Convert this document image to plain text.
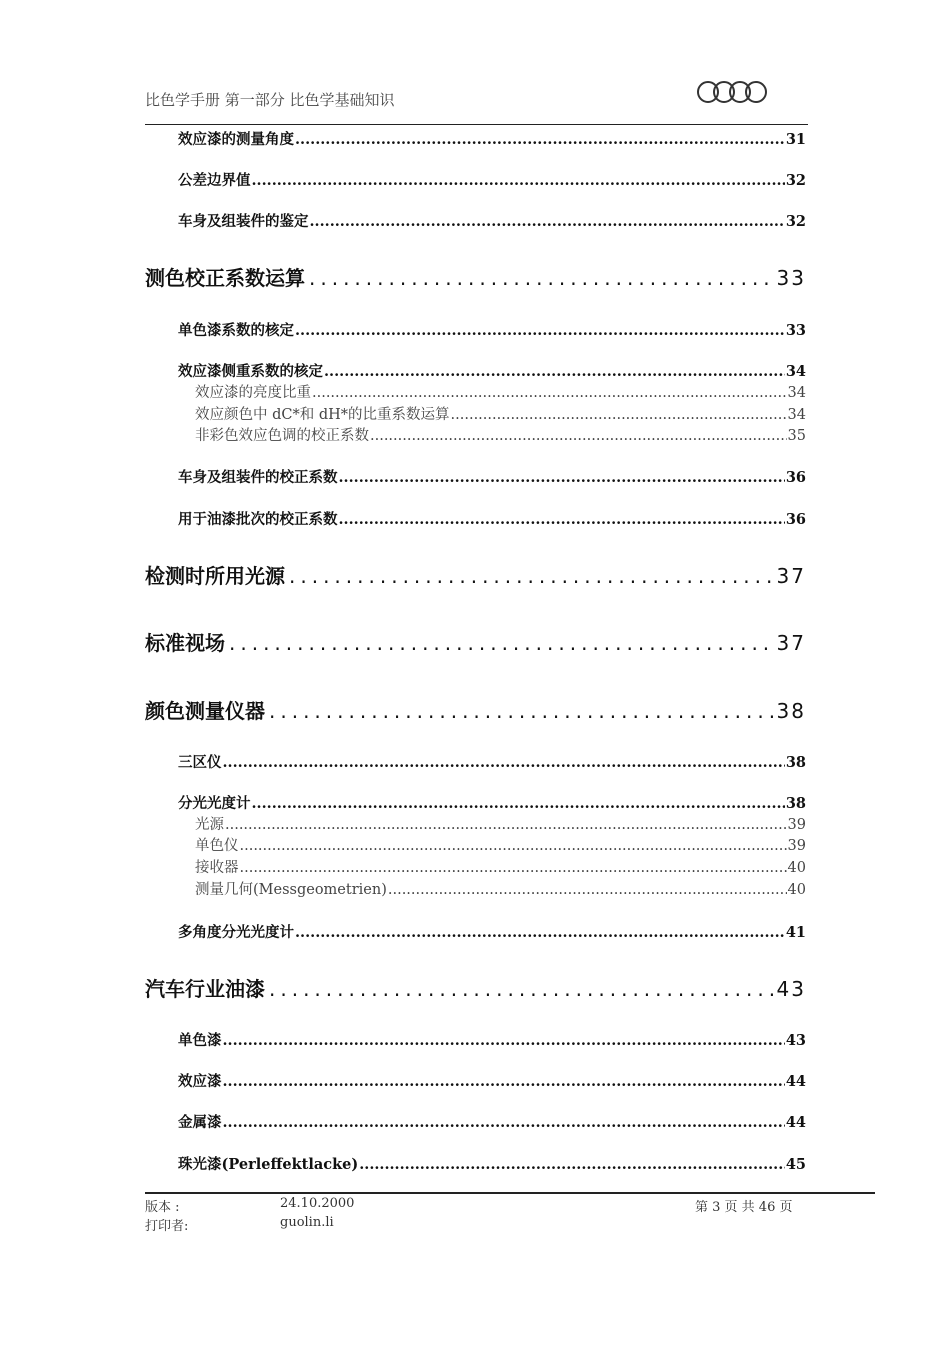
比色学手册 第一部分 比色学基础知识
效应漆的测量角度 .....	31
公差边界值 .....	32
车身及组装件的鉴定 .....	32
测色校正系数运算 .....	33
单色漆系数的核定 .....	33
效应漆侧重系数的核定 .....	34
效应漆的亮度比重 .....	34
效应颜色中 dC*和 dH*的比重系数运算 .....	34
非彩色效应色调的校正系数 .....	35
车身及组装件的校正系数 .....	36
用于油漆批次的校正系数 .....	36
检测时所用光源 .....	37
标准视场 .....	37
颜色测量仪器 .....	38
三区仪 .....	38
分光光度计 .....	38
光源 .....	39
单色仪 .....	39
接收器 .....	40
测量几何(Messgeometrien) .....	40
多角度分光光度计 .....	41
汽车行业油漆 .....	43
单色漆 .....	43
效应漆 .....	44
金属漆 .....	44
珠光漆(Perleffektlacke) .....	45
版本 :	24.10.2000
打印者:	guolin.li
第 3 页 共 46 页
